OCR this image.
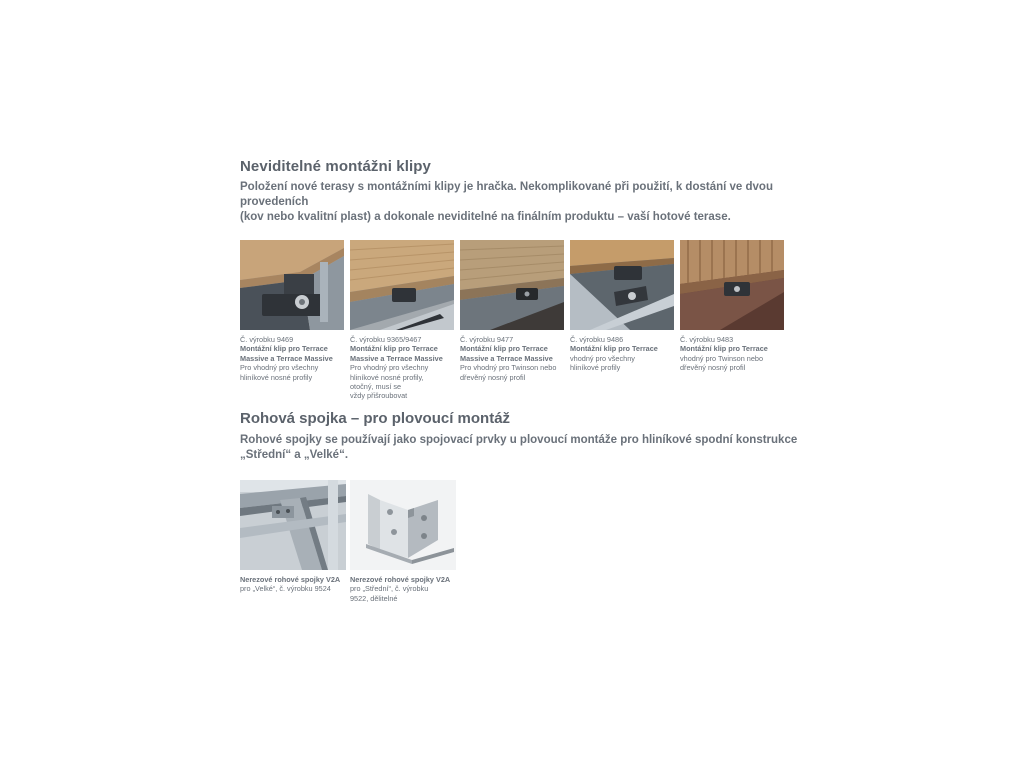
Neviditelné montážni klipy
Položení nové terasy s montážními klipy je hračka. Nekomplikované při použití, k dostání ve dvou provedeních
(kov nebo kvalitní plast) a dokonale neviditelné na finálním produktu – vaší hotové terase.
Č. výrobku 9469
Montážní klip pro Terrace
Massive a Terrace Massive
Pro vhodný pro všechny
hliníkové nosné profily
Č. výrobku 9365/9467
Montážní klip pro Terrace
Massive a Terrace Massive
Pro vhodný pro všechny
hliníkové nosné profily,
otočný, musí se
vždy přišroubovat
Č. výrobku 9477
Montážní klip pro Terrace
Massive a Terrace Massive
Pro vhodný pro Twinson nebo
dřevěný nosný profil
Č. výrobku 9486
Montážní klip pro Terrace
vhodný pro všechny
hliníkové profily
Č. výrobku 9483
Montážní klip pro Terrace
vhodný pro Twinson nebo
dřevěný nosný profil
Rohová spojka – pro plovoucí montáž
Rohové spojky se používají jako spojovací prvky u plovoucí montáže pro hliníkové spodní konstrukce
„Střední“ a „Velké“.
Nerezové rohové spojky V2A
pro „Velké“, č. výrobku 9524
Nerezové rohové spojky V2A
pro „Střední“, č. výrobku
9522, dělitelné
